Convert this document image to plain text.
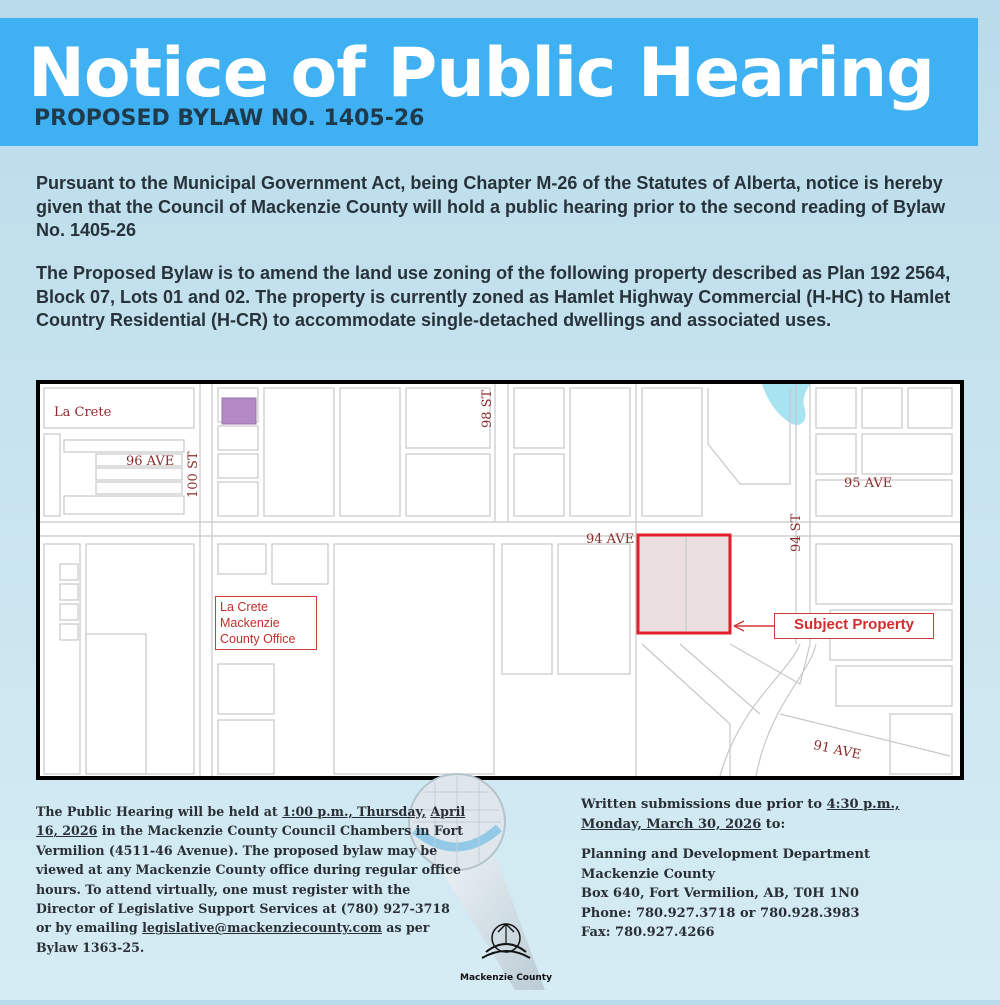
Notice of Public Hearing
PROPOSED BYLAW NO. 1405-26
Pursuant to the Municipal Government Act, being Chapter M-26 of the Statutes of Alberta, notice is hereby given that the Council of Mackenzie County will hold a public hearing prior to the second reading of Bylaw No. 1405-26
The Proposed Bylaw is to amend the land use zoning of the following property described as Plan 192 2564, Block 07, Lots 01 and 02. The property is currently zoned as Hamlet Highway Commercial (H-HC) to Hamlet Country Residential (H-CR) to accommodate single-detached dwellings and associated uses.
La Crete
96 AVE 100 ST
98 ST
95 AVE
94 AVE	94 ST
91 AVE
La Crete
Mackenzie
County Office
Subject Property
The Public Hearing will be held at 1:00 p.m., Thursday, April 16, 2026 in the Mackenzie County Council Chambers in Fort Vermilion (4511-46 Avenue). The proposed bylaw may be viewed at any Mackenzie County office during regular office hours. To attend virtually, one must register with the Director of Legislative Support Services at (780) 927-3718 or by emailing legislative@mackenziecounty.com as per Bylaw 1363-25.
Written submissions due prior to 4:30 p.m.,
Monday, March 30, 2026 to:
Planning and Development Department
Mackenzie County
Box 640, Fort Vermilion, AB, T0H 1N0
Phone: 780.927.3718 or 780.928.3983
Fax: 780.927.4266
Mackenzie County
